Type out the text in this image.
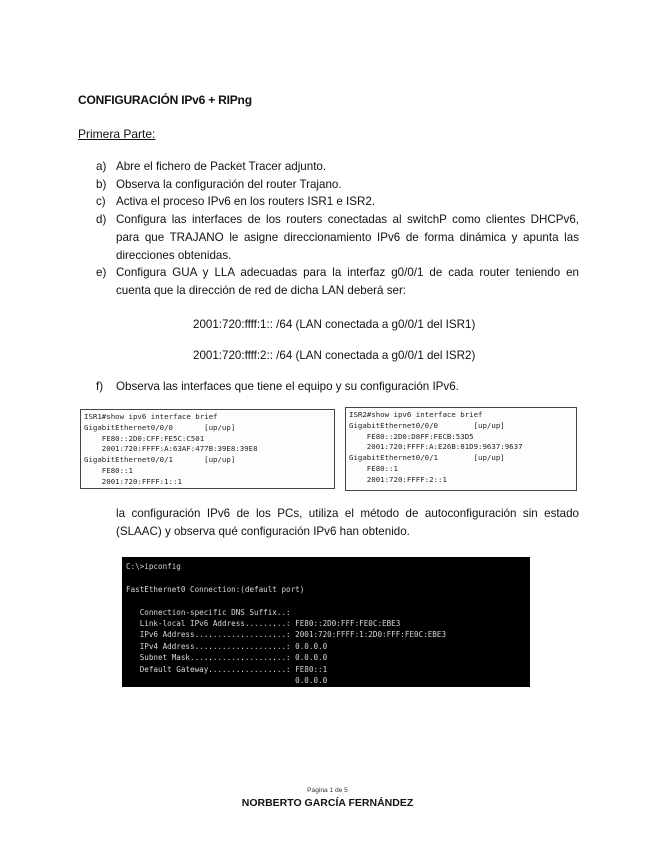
CONFIGURACIÓN IPv6 + RIPng
Primera Parte:
a) Abre el fichero de Packet Tracer adjunto.
b) Observa la configuración del router Trajano.
c) Activa el proceso IPv6 en los routers ISR1 e ISR2.
d) Configura las interfaces de los routers conectadas al switchP como clientes DHCPv6, para que TRAJANO le asigne direccionamiento IPv6 de forma dinámica y apunta las direcciones obtenidas.
e) Configura GUA y LLA adecuadas para la interfaz g0/0/1 de cada router teniendo en cuenta que la dirección de red de dicha LAN deberá ser:
2001:720:ffff:1:: /64 (LAN conectada a g0/0/1 del ISR1)
2001:720:ffff:2:: /64 (LAN conectada a g0/0/1 del ISR2)
f) Observa las interfaces que tiene el equipo y su configuración IPv6.
ISR1#show ipv6 interface brief
GigabitEthernet0/0/0       [up/up]
FE80::2D0:CFF:FE5C:C501
2001:720:FFFF:A:63AF:477B:39E8:39E8
GigabitEthernet0/0/1       [up/up]
FE80::1
2001:720:FFFF:1::1
ISR2#show ipv6 interface brief
GigabitEthernet0/0/0        [up/up]
FE80::2D0:D8FF:FECB:53D5
2001:720:FFFF:A:E26B:81D9:9637:9637
GigabitEthernet0/0/1        [up/up]
FE80::1
2001:720:FFFF:2::1

la configuración IPv6 de los PCs, utiliza el método de autoconfiguración sin estado (SLAAC) y observa qué configuración IPv6 han obtenido.

C:\>ipconfig

FastEthernet0 Connection:(default port)

Connection-specific DNS Suffix..:
Link-local IPv6 Address.........: FE80::2D0:FFF:FE0C:EBE3
IPv6 Address....................: 2001:720:FFFF:1:2D0:FFF:FE0C:EBE3
IPv4 Address....................: 0.0.0.0
Subnet Mask.....................: 0.0.0.0
Default Gateway.................: FE80::1
0.0.0.0
Página 1 de 5
NORBERTO GARCÍA FERNÁNDEZ
